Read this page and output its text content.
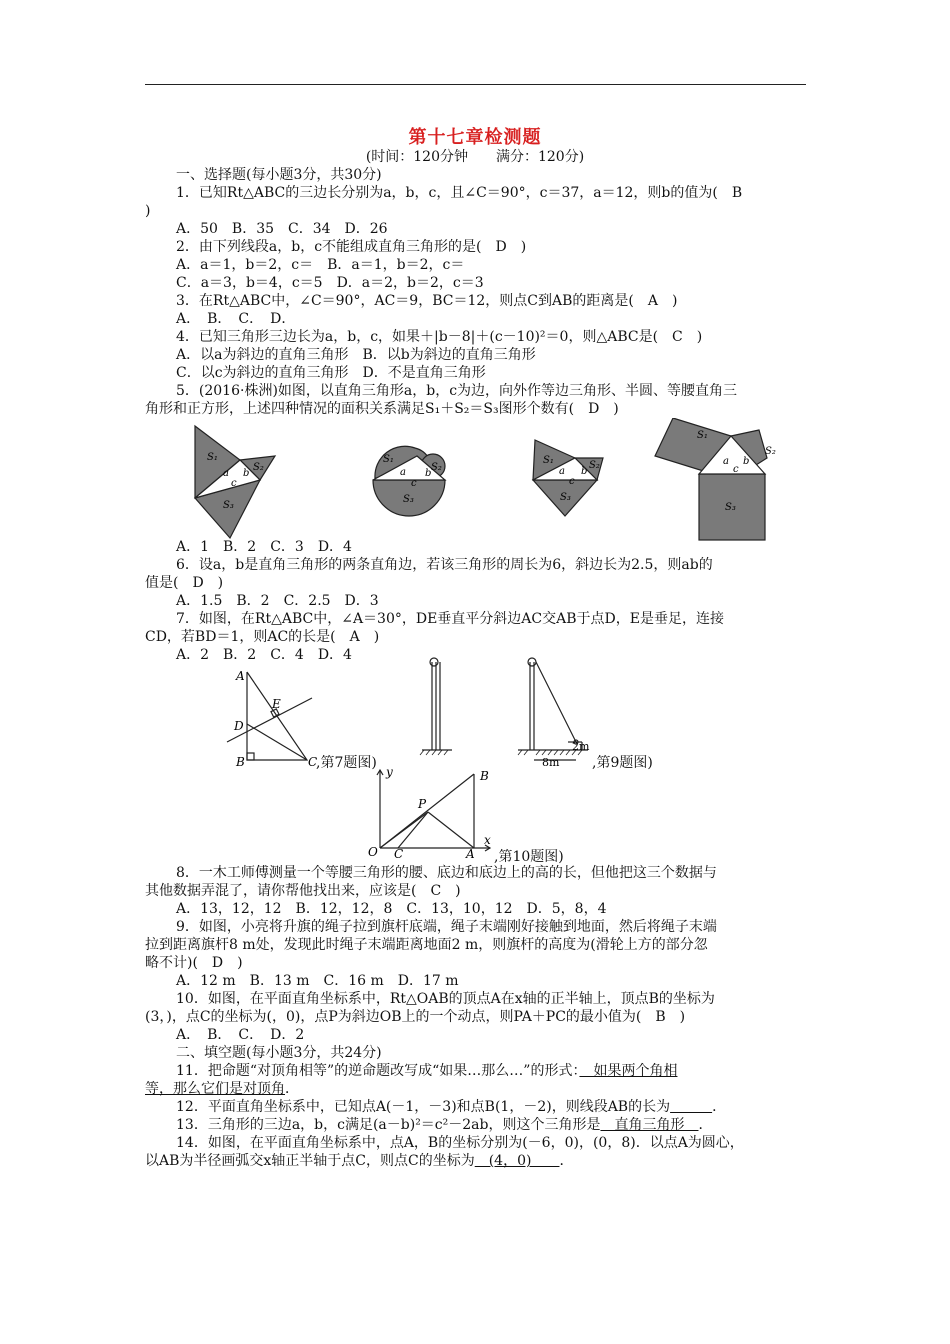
第十七章检测题
(时间：120分钟　　满分：120分)
一、选择题(每小题3分，共30分)
1．已知Rt△ABC的三边长分别为a，b，c，且∠C＝90°，c＝37，a＝12，则b的值为(　B
)
A．50　B．35　C．34　D．26
2．由下列线段a，b，c不能组成直角三角形的是(　D　)
A．a＝1，b＝2，c＝　B．a＝1，b＝2，c＝
C．a＝3，b＝4，c＝5　D．a＝2，b＝2，c＝3
3．在Rt△ABC中，∠C＝90°，AC＝9，BC＝12，则点C到AB的距离是(　A　)
A．　B．　C．　D．
4．已知三角形三边长为a，b，c，如果＋|b－8|＋(c－10)²＝0，则△ABC是(　C　)
A．以a为斜边的直角三角形　B．以b为斜边的直角三角形
C．以c为斜边的直角三角形　D．不是直角三角形
5．(2016·株洲)如图，以直角三角形a，b，c为边，向外作等边三角形、半圆、等腰直角三
角形和正方形，上述四种情况的面积关系满足S₁＋S₂＝S₃图形个数有(　D　)
S₁
S₂
S₃
a b
c
S₁
S₂
S₃
a b
c
S₁	S₂
S₃
a b
c
S₁
S₂
S₃
a b
c
A．1　B．2　C．3　D．4
6．设a，b是直角三角形的两条直角边，若该三角形的周长为6，斜边长为2.5，则ab的
值是(　D　)
A．1.5　B．2　C．2.5　D．3
7．如图，在Rt△ABC中，∠A＝30°，DE垂直平分斜边AC交AB于点D，E是垂足，连接
CD，若BD＝1，则AC的长是(　A　)
A．2　B．2　C．4　D．4
A
D
E
B	C
,第7题图)
2m
8m ,第9题图)
O C	A
B
P
x
y
,第10题图)
8．一木工师傅测量一个等腰三角形的腰、底边和底边上的高的长，但他把这三个数据与
其他数据弄混了，请你帮他找出来，应该是(　C　)
A．13，12，12　B．12，12，8　C．13，10，12　D．5，8，4
9．如图，小亮将升旗的绳子拉到旗杆底端，绳子末端刚好接触到地面，然后将绳子末端
拉到距离旗杆8 m处，发现此时绳子末端距离地面2 m，则旗杆的高度为(滑轮上方的部分忽
略不计)(　D　)
A．12 m　B．13 m　C．16 m　D．17 m
10．如图，在平面直角坐标系中，Rt△OAB的顶点A在x轴的正半轴上，顶点B的坐标为
(3，)，点C的坐标为(，0)，点P为斜边OB上的一个动点，则PA＋PC的最小值为(　B　)
A．　B．　C．　D．2
二、填空题(每小题3分，共24分)
11．把命题“对顶角相等”的逆命题改写成“如果…那么…”的形式：　如果两个角相
等，那么它们是对顶角．
12．平面直角坐标系中，已知点A(－1，－3)和点B(1，－2)，则线段AB的长为　　　	．
13．三角形的三边a，b，c满足(a－b)²＝c²－2ab，则这个三角形是　直角三角形　．
14．如图，在平面直角坐标系中，点A，B的坐标分别为(－6，0)，(0，8)．以点A为圆心，
以AB为半径画弧交x轴正半轴于点C，则点C的坐标为　(4，0)　　．
